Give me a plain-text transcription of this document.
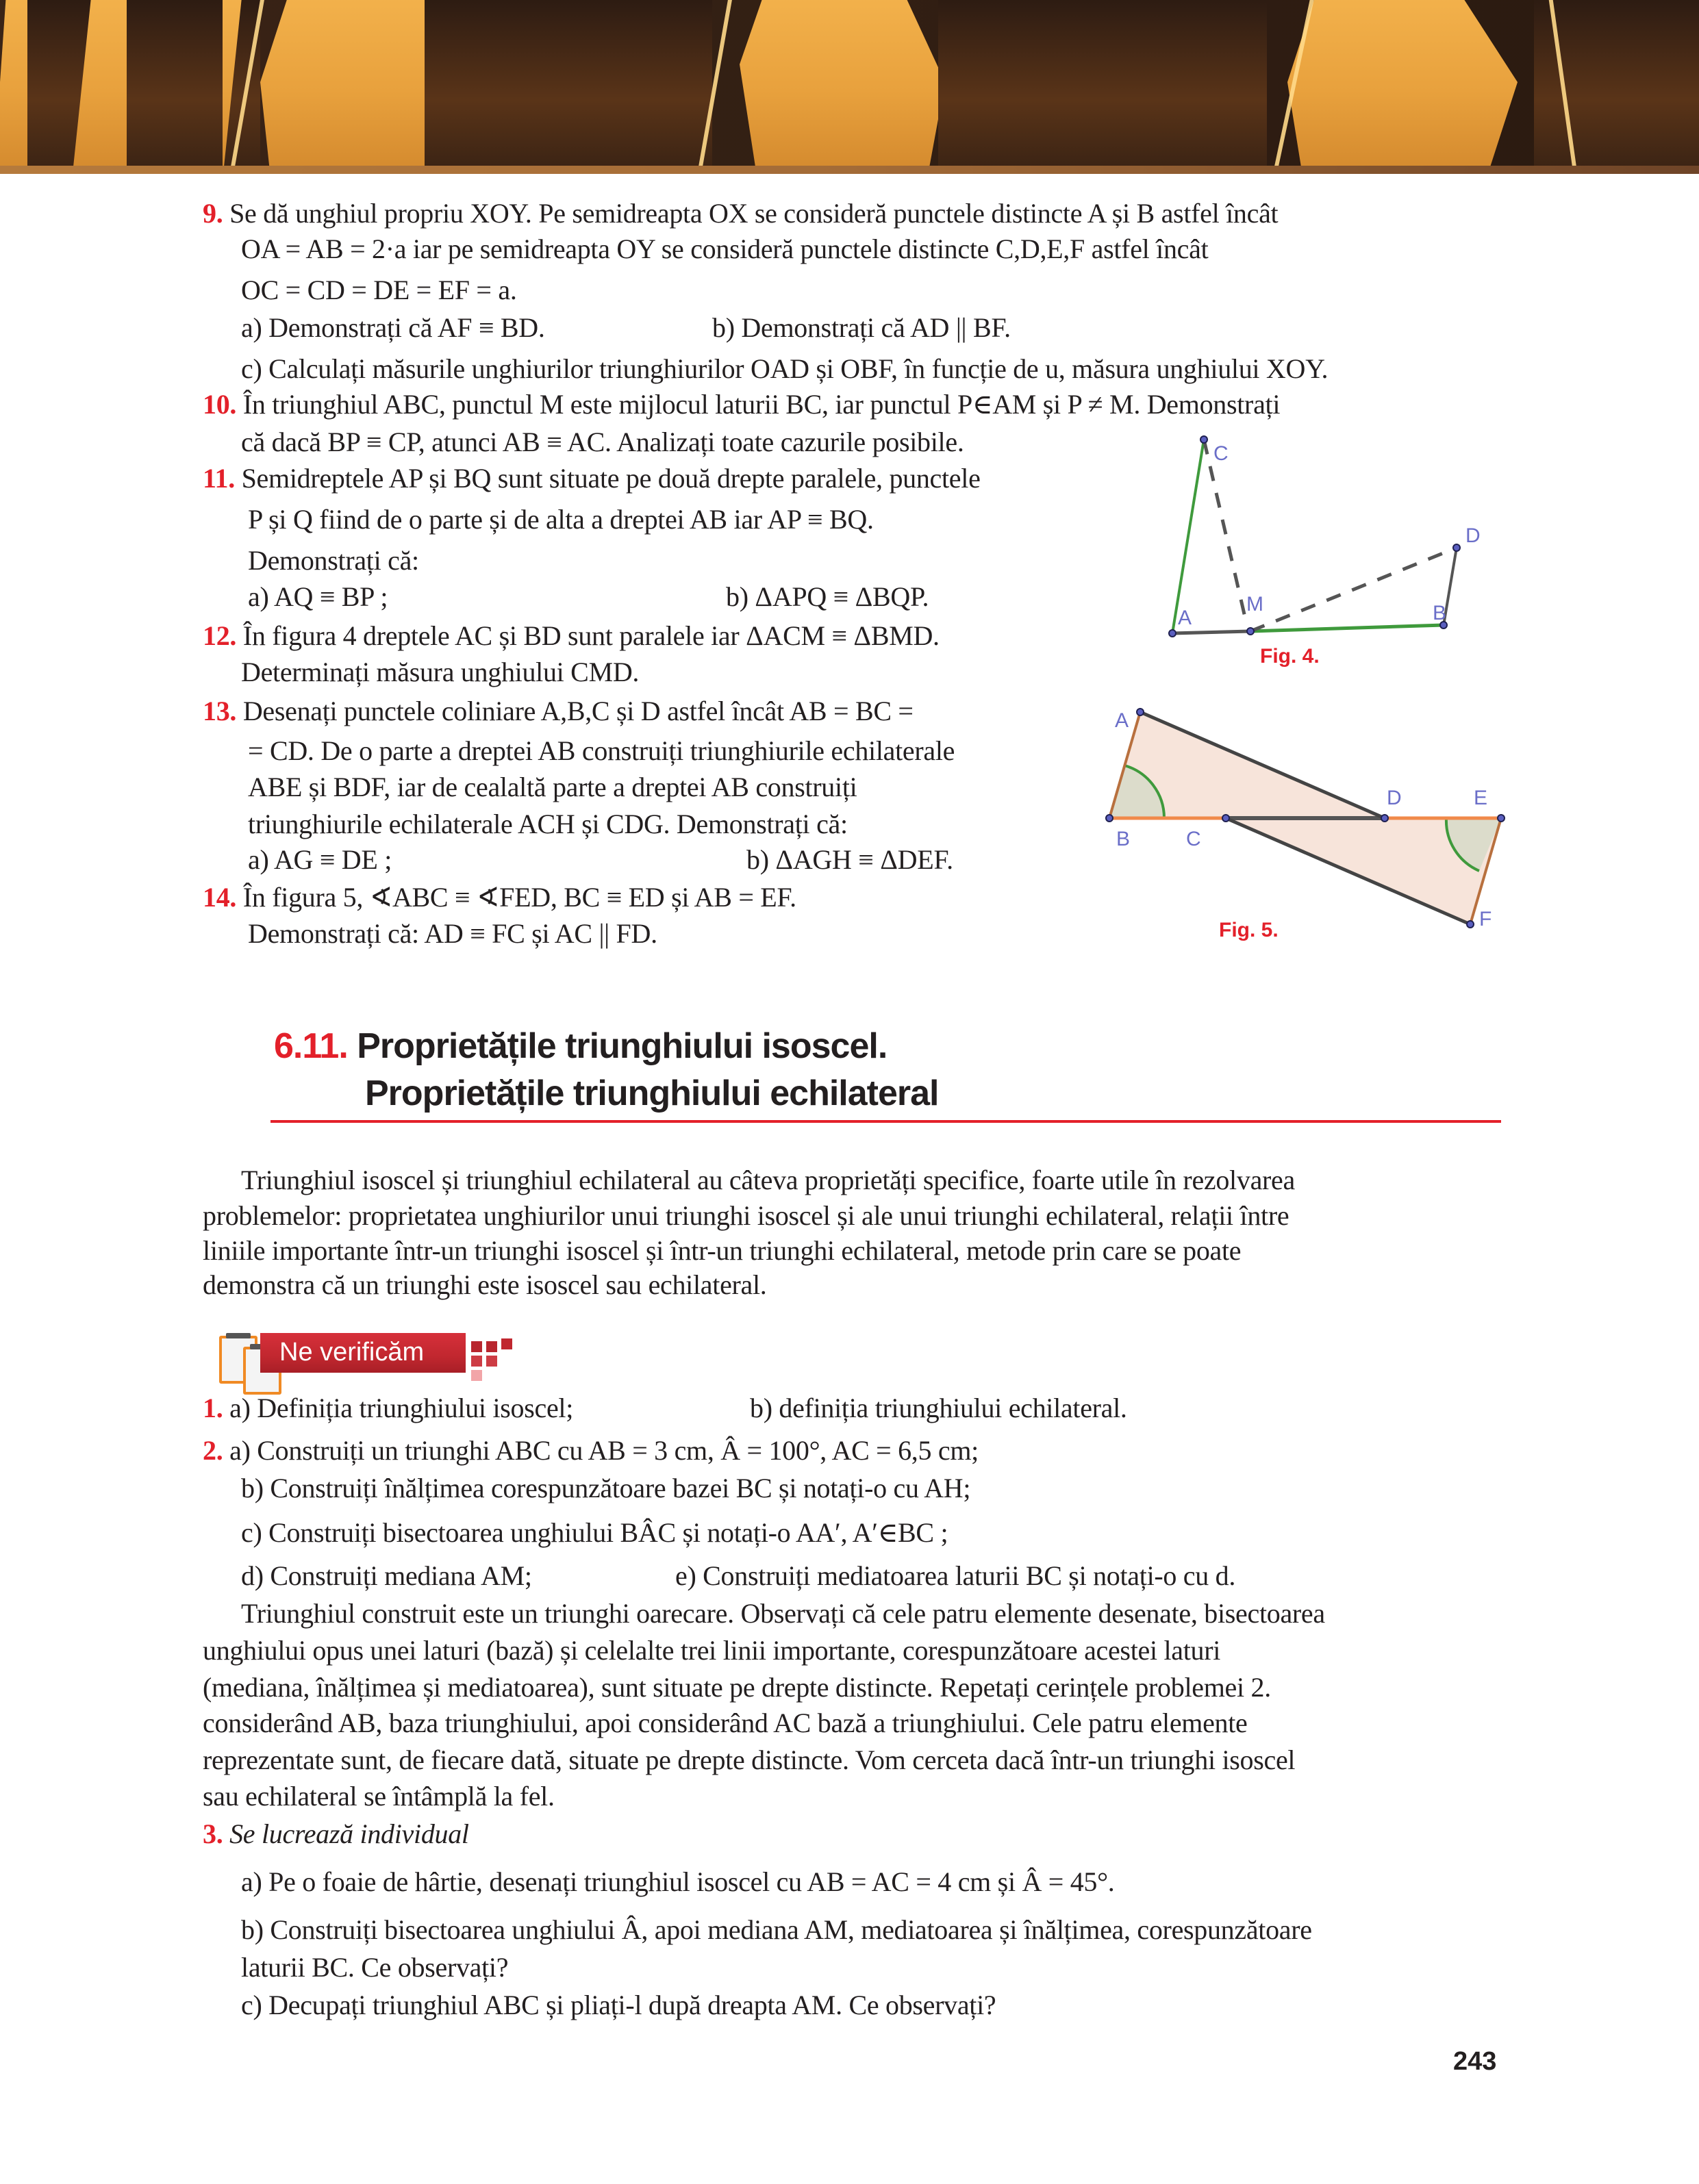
9. Se dă unghiul propriu XOY. Pe semidreapta OX se consideră punctele distincte A și B astfel încât
OA = AB = 2·a iar pe semidreapta OY se consideră punctele distincte C,D,E,F astfel încât
OC = CD = DE = EF = a.
a) Demonstrați că AF ≡ BD.	b) Demonstrați că AD || BF.
c) Calculați măsurile unghiurilor triunghiurilor OAD și OBF, în funcție de u, măsura unghiului XOY.
10. În triunghiul ABC, punctul M este mijlocul laturii BC, iar punctul P∈AM și P ≠ M. Demonstrați
că dacă BP ≡ CP, atunci AB ≡ AC. Analizați toate cazurile posibile.
11. Semidreptele AP și BQ sunt situate pe două drepte paralele, punctele
P și Q fiind de o parte și de alta a dreptei AB iar AP ≡ BQ.
Demonstrați că:
a) AQ ≡ BP ;	b) ΔAPQ ≡ ΔBQP.
12. În figura 4 dreptele AC și BD sunt paralele iar ΔACM ≡ ΔBMD.
Determinați măsura unghiului CMD.
13. Desenați punctele coliniare A,B,C și D astfel încât AB = BC =
= CD. De o parte a dreptei AB construiți triunghiurile echilaterale
ABE și BDF, iar de cealaltă parte a dreptei AB construiți
triunghiurile echilaterale ACH și CDG. Demonstrați că:
a) AG ≡ DE ;	b) ΔAGH ≡ ΔDEF.
14. În figura 5, ∢ABC ≡ ∢FED, BC ≡ ED și AB = EF.
Demonstrați că: AD ≡ FC și AC || FD.
A
C
M	B
D
Fig. 4.
A
B	C
D	E
F
Fig. 5.
6.11. Proprietățile triunghiului isoscel.
Proprietățile triunghiului echilateral
Triunghiul isoscel și triunghiul echilateral au câteva proprietăți specifice, foarte utile în rezolvarea
problemelor: proprietatea unghiurilor unui triunghi isoscel și ale unui triunghi echilateral, relații între
liniile importante într-un triunghi isoscel și într-un triunghi echilateral, metode prin care se poate
demonstra că un triunghi este isoscel sau echilateral.
Ne verificăm
1. a) Definiția triunghiului isoscel;	b) definiția triunghiului echilateral.
2. a) Construiți un triunghi ABC cu AB = 3 cm, Â = 100°, AC = 6,5 cm;
b) Construiți înălțimea corespunzătoare bazei BC și notați-o cu AH;
c) Construiți bisectoarea unghiului BÂC și notați-o AA′, A′∈BC ;
d) Construiți mediana AM;	e) Construiți mediatoarea laturii BC și notați-o cu d.
Triunghiul construit este un triunghi oarecare. Observați că cele patru elemente desenate, bisectoarea
unghiului opus unei laturi (bază) și celelalte trei linii importante, corespunzătoare acestei laturi
(mediana, înălțimea și mediatoarea), sunt situate pe drepte distincte. Repetați cerințele problemei 2.
considerând AB, baza triunghiului, apoi considerând AC bază a triunghiului. Cele patru elemente
reprezentate sunt, de fiecare dată, situate pe drepte distincte. Vom cerceta dacă într-un triunghi isoscel
sau echilateral se întâmplă la fel.
3. Se lucrează individual
a) Pe o foaie de hârtie, desenați triunghiul isoscel cu AB = AC = 4 cm și Â = 45°.
b) Construiți bisectoarea unghiului Â, apoi mediana AM, mediatoarea și înălțimea, corespunzătoare
laturii BC. Ce observați?
c) Decupați triunghiul ABC și pliați-l după dreapta AM. Ce observați?
243
